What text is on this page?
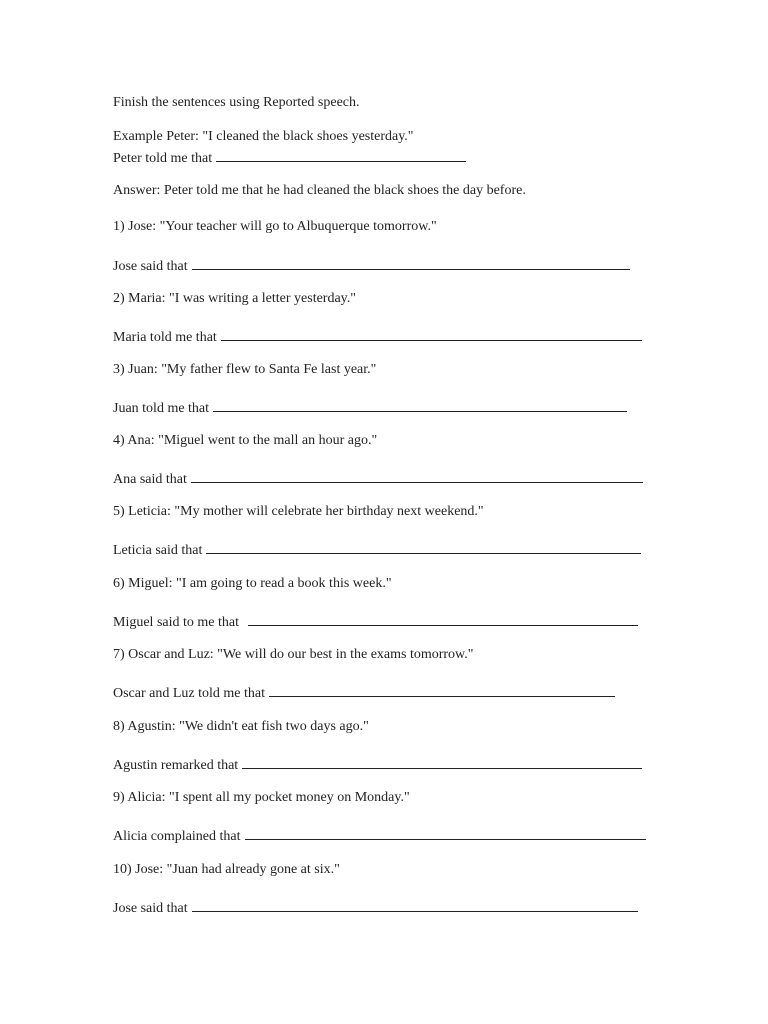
Finish the sentences using Reported speech.
Example Peter: "I cleaned the black shoes yesterday."
Peter told me that
Answer: Peter told me that he had cleaned the black shoes the day before.
1) Jose: "Your teacher will go to Albuquerque tomorrow."
Jose said that
2) Maria: "I was writing a letter yesterday."
Maria told me that
3) Juan: "My father flew to Santa Fe last year."
Juan told me that
4) Ana: "Miguel went to the mall an hour ago."
Ana said that
5) Leticia: "My mother will celebrate her birthday next weekend."
Leticia said that
6) Miguel: "I am going to read a book this week."
Miguel said to me that
7) Oscar and Luz: "We will do our best in the exams tomorrow."
Oscar and Luz told me that
8) Agustin: "We didn't eat fish two days ago."
Agustin remarked that
9) Alicia: "I spent all my pocket money on Monday."
Alicia complained that
10) Jose: "Juan had already gone at six."
Jose said that
